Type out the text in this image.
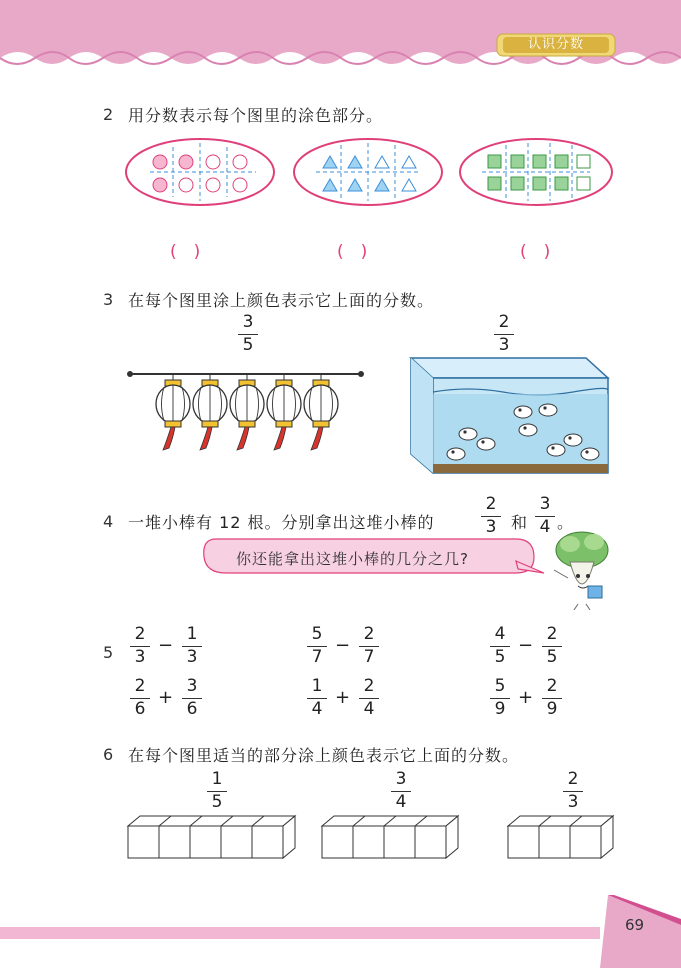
认识分数
2 用分数表示每个图里的涂色部分。
(　)	(　)	(　)
3 在每个图里涂上颜色表示它上面的分数。
3
5
2
3
4 一堆小棒有 12 根。分别拿出这堆小棒的
2
3 和
3
4 。
你还能拿出这堆小棒的几分之几?
5
2
3
−
1
3
5
7
−
2
7
4
5
−
2
5
2
6
+
3
6
1
4
+
2
4
5
9
+
2
9
6 在每个图里适当的部分涂上颜色表示它上面的分数。
1
5
3
4
2
3
69
